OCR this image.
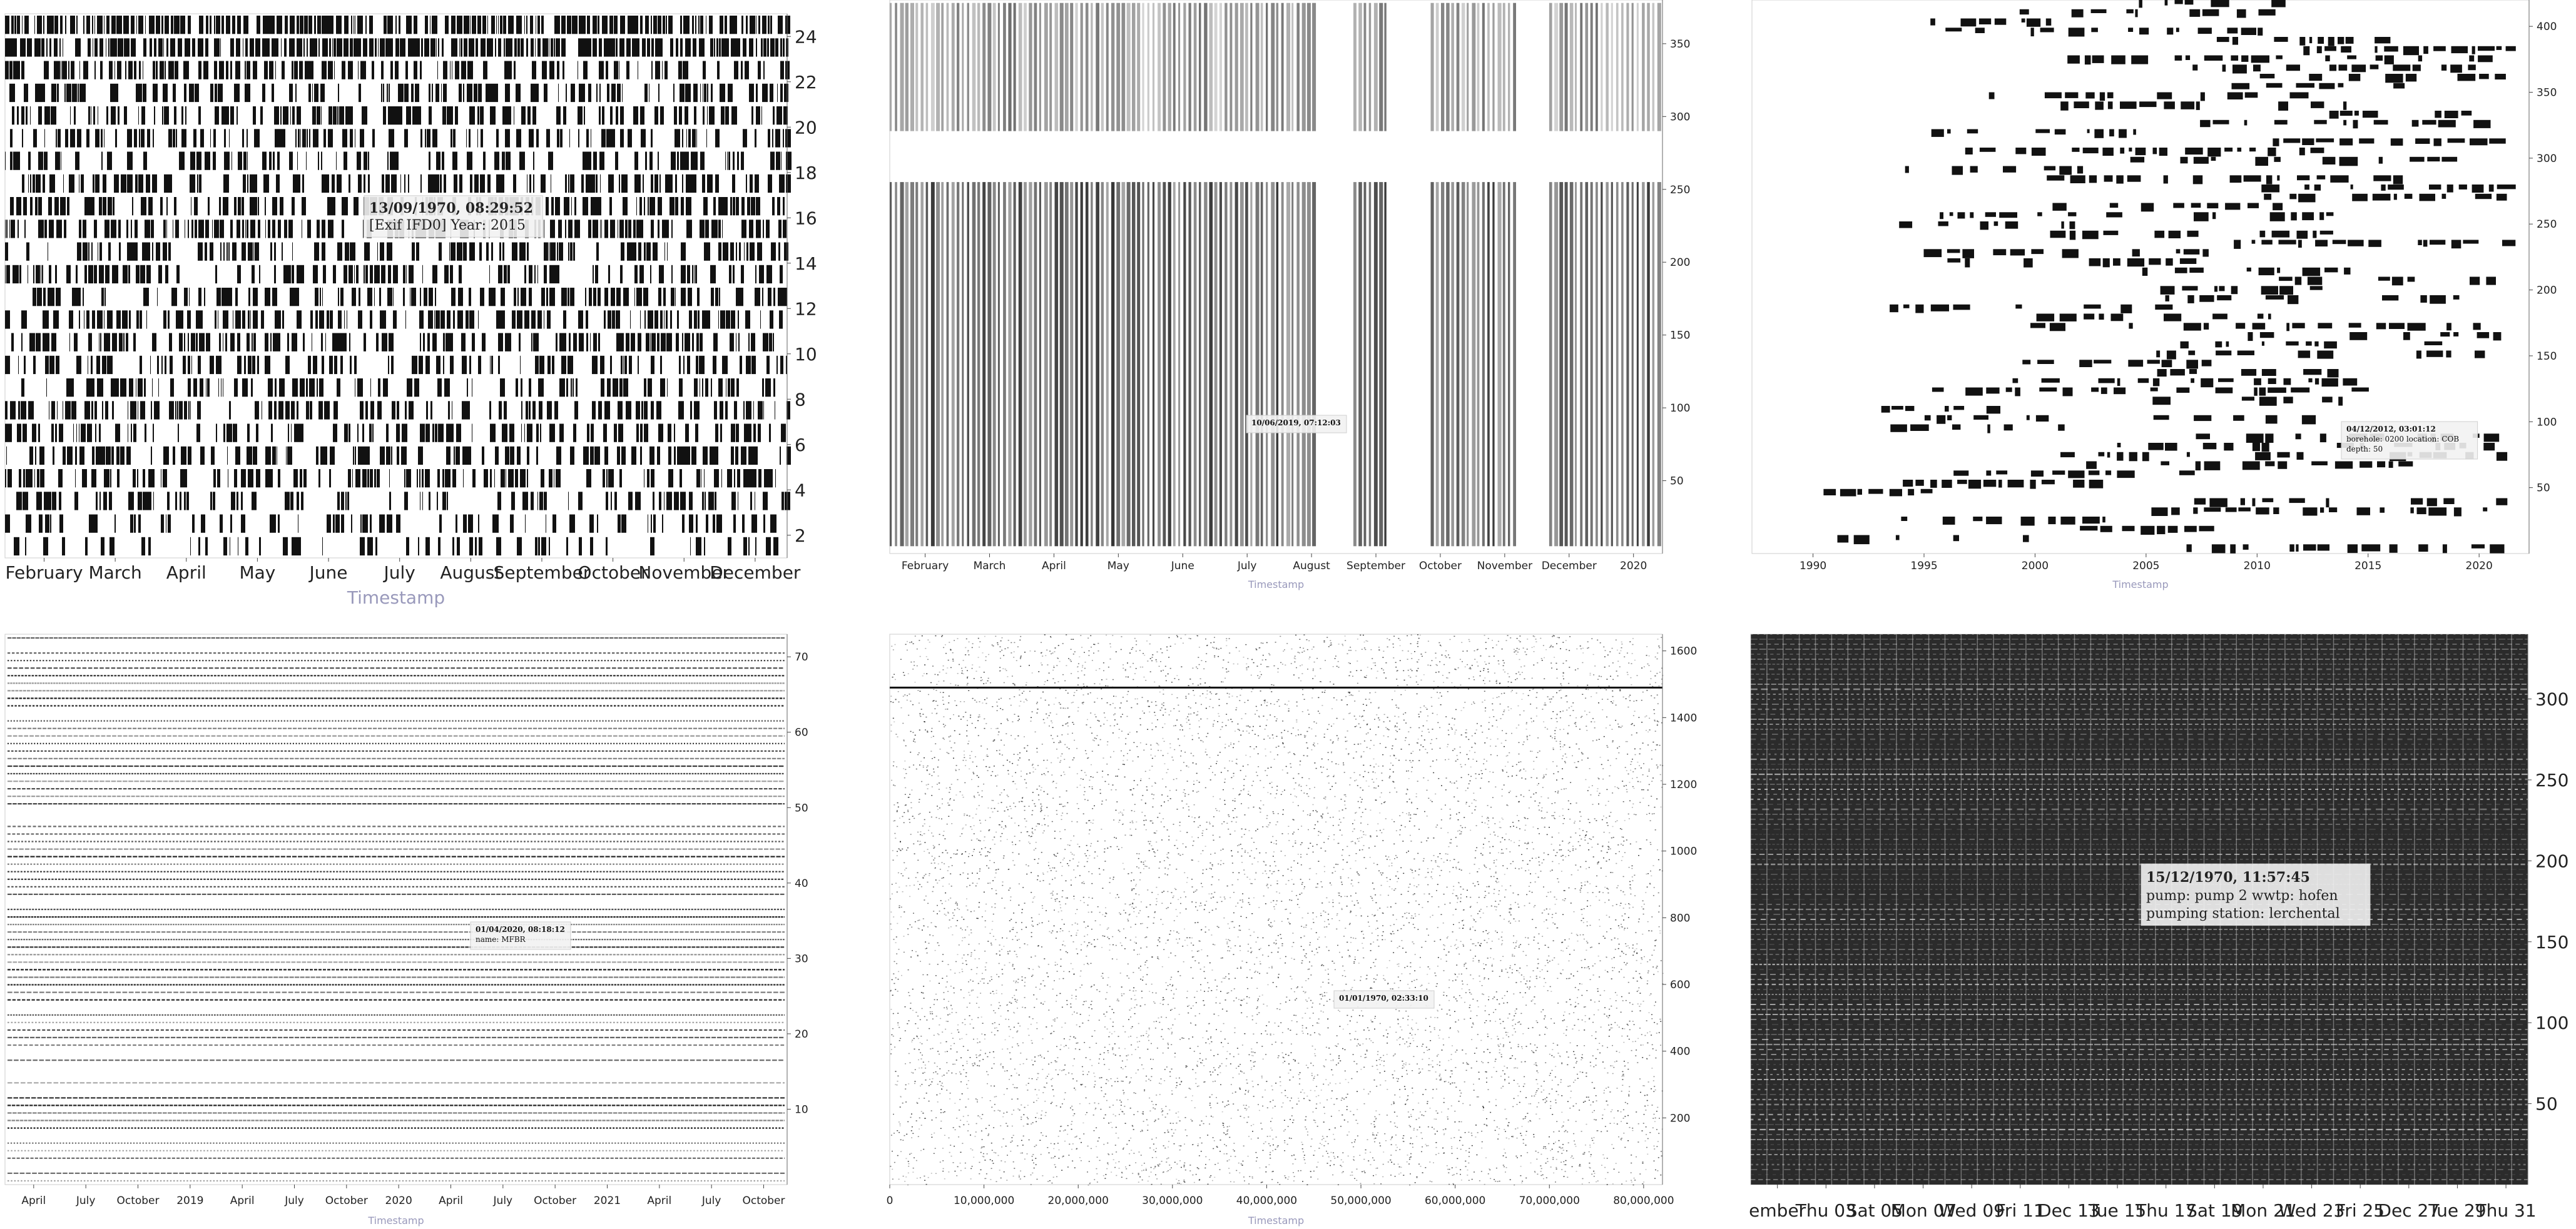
2
4
6
8
10
12
14
16
18
20
22
24
February March April May June July August
September
October
November
December
Timestamp
13/09/1970, 08:29:52
[Exif IFD0] Year: 2015
50
100
150
200
250
300
350
February March	April	May	June	July	August September October November December 2020
Timestamp
10/06/2019, 07:12:03
50
100
150
200
250
300
350
400
1990	1995	2000	2005	2010	2015	2020
Timestamp
04/12/2012, 03:01:12
borehole: 0200 location: COB
depth: 50
10
20
30
40
50
60
70
April	July October 2019 April	July October 2020 April	July October 2021 April	July October
Timestamp
01/04/2020, 08:18:12
name: MFBR
200
400
600
800
1000
1200
1400
1600
0	10,000,000	20,000,000	30,000,000	40,000,000	50,000,000	60,000,000	70,000,000	80,000,000
Timestamp
01/01/1970, 02:33:10
50
100
150
200
250
300
ember
Thu 03
Sat 05
Mon 07
Wed 09
Fri 11
Dec 13
Tue 15
Thu 17
Sat 19
Mon 21
Wed 23
Fri 25
Dec 27
Tue 29
Thu 31
15/12/1970, 11:57:45
pump: pump 2 wwtp: hofen
pumping station: lerchental
